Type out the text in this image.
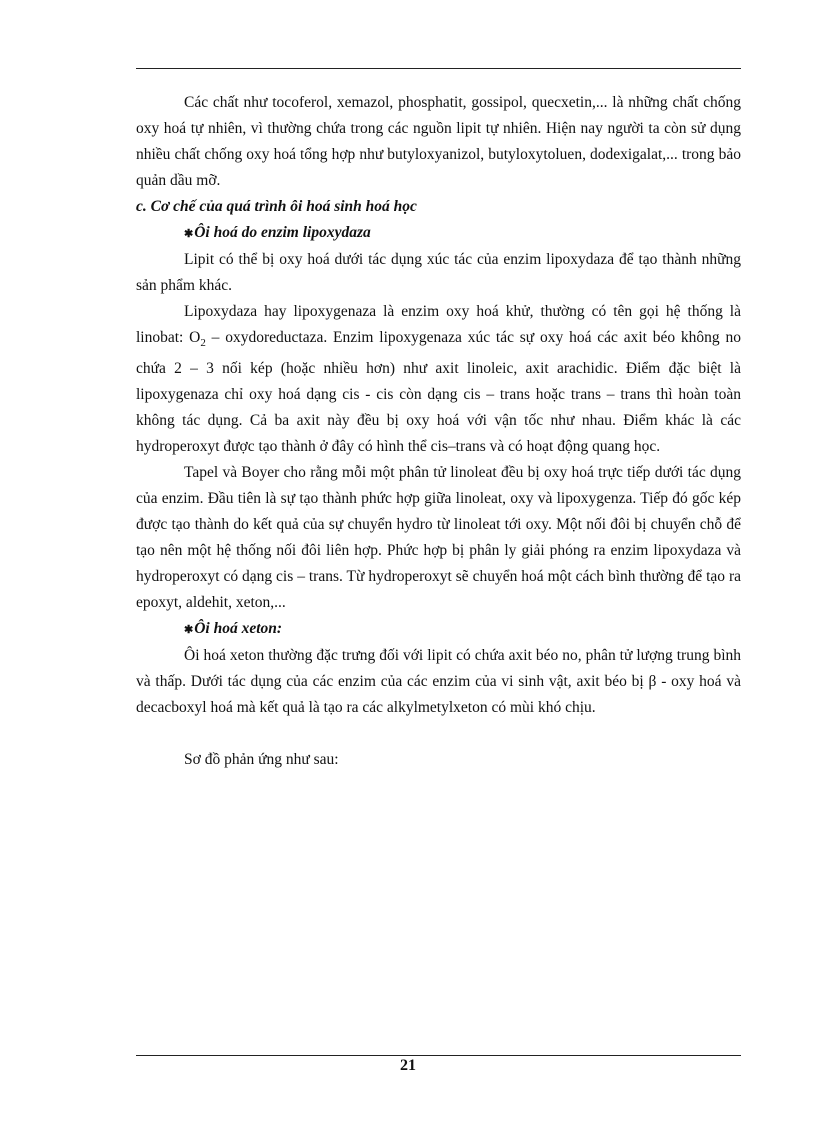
Các chất như tocoferol, xemazol, phosphatit, gossipol, quecxetin,... là những chất chống oxy hoá tự nhiên, vì thường chứa trong các nguồn lipit tự nhiên. Hiện nay người ta còn sử dụng nhiều chất chống oxy hoá tổng hợp như butyloxyanizol, butyloxytoluen, dodexigalat,... trong bảo quản dầu mỡ.

c. Cơ chế của quá trình ôi hoá sinh hoá học

✱Ôi hoá do enzim lipoxydaza

Lipit có thể bị oxy hoá dưới tác dụng xúc tác của enzim lipoxydaza để tạo thành những sản phẩm khác.

Lipoxydaza hay lipoxygenaza là enzim oxy hoá khử, thường có tên gọi hệ thống là linobat: $O_2$ – oxydoreductaza. Enzim lipoxygenaza xúc tác sự oxy hoá các axit béo không no chứa 2 – 3 nối kép (hoặc nhiều hơn) như axit linoleic, axit arachidic. Điểm đặc biệt là lipoxygenaza chỉ oxy hoá dạng cis - cis còn dạng cis – trans hoặc trans – trans thì hoàn toàn không tác dụng. Cả ba axit này đều bị oxy hoá với vận tốc như nhau. Điểm khác là các hydroperoxyt được tạo thành ở đây có hình thể cis–trans và có hoạt động quang học.

Tapel và Boyer cho rằng mỗi một phân tử linoleat đều bị oxy hoá trực tiếp dưới tác dụng của enzim. Đầu tiên là sự tạo thành phức hợp giữa linoleat, oxy và lipoxygenza. Tiếp đó gốc kép được tạo thành do kết quả của sự chuyển hydro từ linoleat tới oxy. Một nối đôi bị chuyển chỗ để tạo nên một hệ thống nối đôi liên hợp. Phức hợp bị phân ly giải phóng ra enzim lipoxydaza và hydroperoxyt có dạng cis – trans. Từ hydroperoxyt sẽ chuyển hoá một cách bình thường để tạo ra epoxyt, aldehit, xeton,...

✱Ôi hoá xeton:

Ôi hoá xeton thường đặc trưng đối với lipit có chứa axit béo no, phân tử lượng trung bình và thấp. Dưới tác dụng của các enzim của các enzim của vi sinh vật, axit béo bị β - oxy hoá và decacboxyl hoá mà kết quả là tạo ra các alkylmetylxeton có mùi khó chịu.

Sơ đồ phản ứng như sau:

21
